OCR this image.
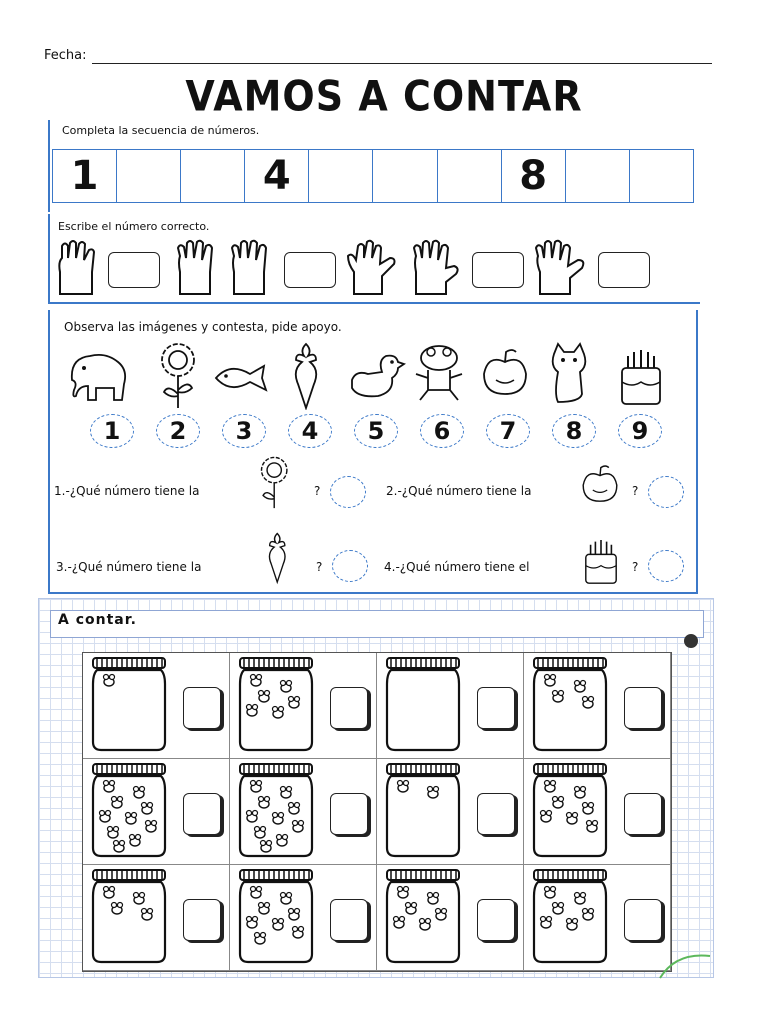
Fecha:
VAMOS A CONTAR
Completa la secuencia de números.
1	4	8
Escribe el número correcto.
Observa las imágenes y contesta, pide apoyo.
1	2	3	4	5	6	7	8	9
1.-¿Qué número tiene la	?	2.-¿Qué número tiene la	?
3.-¿Qué número tiene la	?	4.-¿Qué número tiene el	?
A contar.
